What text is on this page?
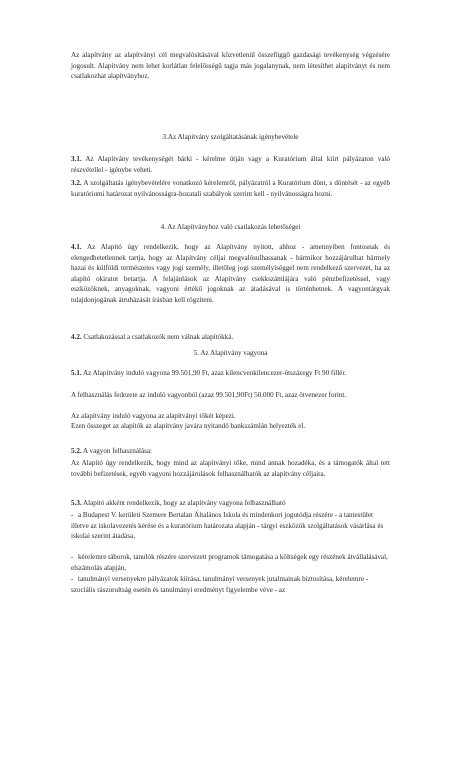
Az alapítvány az alapítványi cél megvalósításával közvetlenül összefüggő gazdasági tevékenység végzésére jogosult. Alapítvány nem lehet korlátlan felelősségű tagja más jogalanynak, nem létesíthet alapítványt és nem csatlakozhat alapítványhoz.

3.Az Alapítvány szolgáltatásának igénybevétele

3.1. Az Alapítvány tevékenységét bárki - kérelme útján vagy a Kuratórium által kiírt pályázaton való részvétellel - igénybe veheti.

3.2. A szolgáltatás igénybevételére vonatkozó kérelemről, pályázatról a Kuratórium dönt, s döntését - az egyéb kuratóriumi határozat nyilvánosságra-hozatali szabályok szerint kell - nyilvánosságra hozni.

4. Az Alapítványhoz való csatlakozás lehetőségei

4.1. Az Alapító úgy rendelkezik, hogy az Alapítvány nyitott, ahhoz - amennyiben fontosnak és elengedhetetlennek tartja, hogy az Alapítvány céljai megvalósulhassanak - bármikor hozzájárulhat bármely hazai és külföldi természetes vagy jogi személy, illetőleg jogi személyiséggel nem rendelkező szervezet, ha az alapító okiratot betartja. A felajánlások az Alapítvány csekkszámlájára való pénzbefizetéssel, vagy eszközöknek, anyagoknak, vagyoni értékű jogoknak az átadásával is történhetnek. A vagyontárgyak tulajdonjogának átruházását írásban kell rögzíteni.

4.2. Csatlakozással a csatlakozók nem válnak alapítókká.

5. Az Alapítvány vagyona

5.1. Az Alapítvány induló vagyona 99.501,90 Ft, azaz kilencvenkilencezer-ötszázegy Ft 90 fillér.

A felhasználás fedezete az induló vagyonból (azaz 99.501,90Ft) 50.000 Ft, azaz ötvenezer forint.

Az alapítvány induló vagyona az alapítványi tőkét képezi.

Ezen összeget az alapítók az alapítvány javára nyitandó bankszámlán helyezték el.

5.2. A vagyon felhasználása:

Az Alapító úgy rendelkezik, hogy mind az alapítványi tőke, mind annak hozadéka, és a támogatók által tett további befizetések, egyéb vagyoni hozzájárulások felhasználhatók az alapítvány céljaira.

5.3. Alapító akként rendelkezik, hogy az alapítvány vagyona felhasználható

- a Budapest V. kerületi Szemere Bertalan Általános Iskola és mindenkori jogutódja részére - a tantestület illetve az iskolavezetés kérése és a kuratórium határozata alapján - tárgyi eszközök szolgáltatások vásárlása és iskolai szerint átadása,
- kérelemre táborok, tanulók részére szervezett programok támogatása a költségek egy részének átvállalásával, elszámolás alapján,
- tanulmányi versenyekre pályázatok kiírása, tanulmányi versenyek jutalmainak biztosítása, kérelemre - szociális rászorultság esetén és tanulmányi eredményt figyelembe véve - az
